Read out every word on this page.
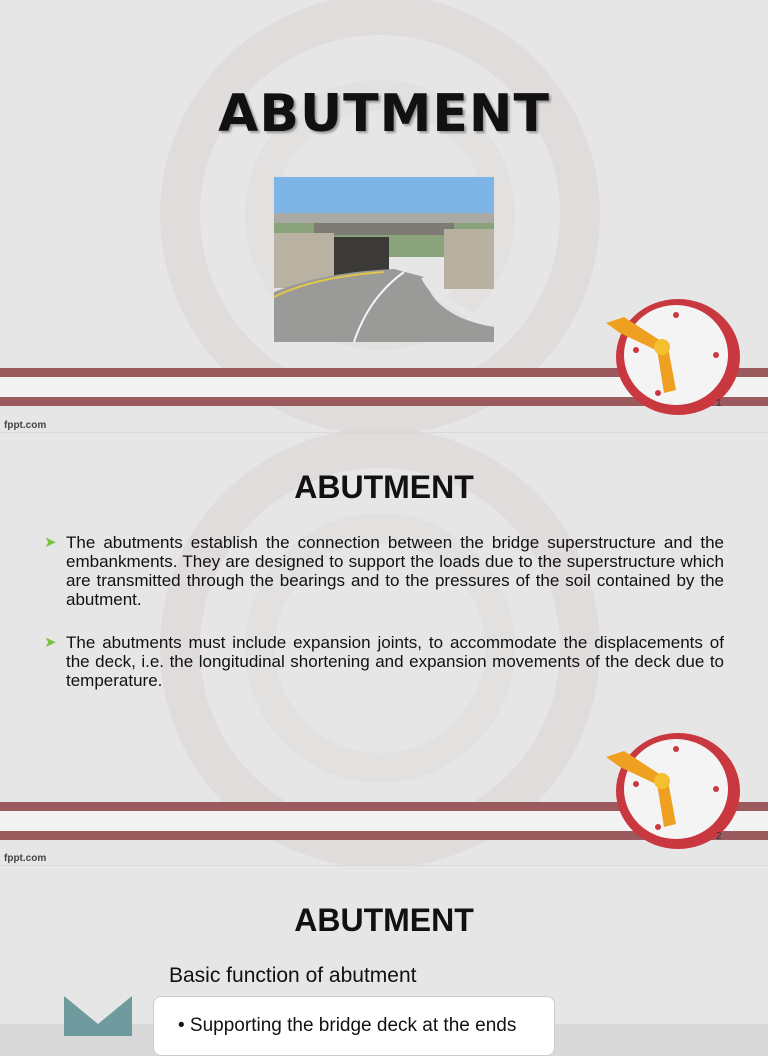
ABUTMENT
1
fppt.com
ABUTMENT
➤ The abutments establish the connection between the bridge superstructure and the embankments. They are designed to support the loads due to the superstructure which are transmitted through the bearings and to the pressures of the soil contained by the abutment.
➤ The abutments must include expansion joints, to accommodate the displacements of the deck, i.e. the longitudinal shortening and expansion movements of the deck due to temperature.
2
fppt.com
ABUTMENT
Basic function of abutment
• Supporting the bridge deck at the ends
